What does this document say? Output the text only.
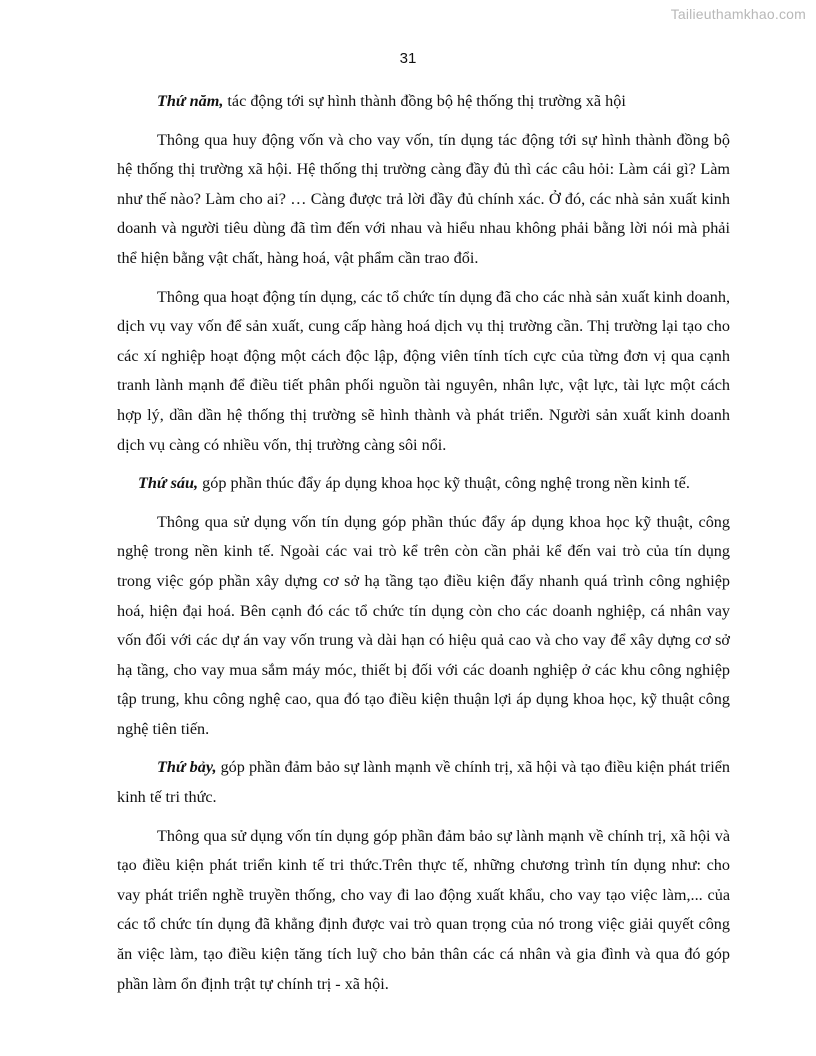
Tailieuthamkhao.com
31

Thứ năm, tác động tới sự hình thành đồng bộ hệ thống thị trường xã hội

Thông qua huy động vốn và cho vay vốn, tín dụng tác động tới sự hình thành đồng bộ hệ thống thị trường xã hội. Hệ thống thị trường càng đầy đủ thì các câu hỏi: Làm cái gì? Làm như thế nào? Làm cho ai? … Càng được trả lời đầy đủ chính xác. Ở đó, các nhà sản xuất kinh doanh và người tiêu dùng đã tìm đến với nhau và hiểu nhau không phải bằng lời nói mà phải thể hiện bằng vật chất, hàng hoá, vật phẩm cần trao đổi.

Thông qua hoạt động tín dụng, các tổ chức tín dụng đã cho các nhà sản xuất kinh doanh, dịch vụ vay vốn để sản xuất, cung cấp hàng hoá dịch vụ thị trường cần. Thị trường lại tạo cho các xí nghiệp hoạt động một cách độc lập, động viên tính tích cực của từng đơn vị qua cạnh tranh lành mạnh để điều tiết phân phối nguồn tài nguyên, nhân lực, vật lực, tài lực một cách hợp lý, dần dần hệ thống thị trường sẽ hình thành và phát triển. Người sản xuất kinh doanh dịch vụ càng có nhiều vốn, thị trường càng sôi nổi.

Thứ sáu, góp phần thúc đẩy áp dụng khoa học kỹ thuật, công nghệ trong nền kinh tế.

Thông qua sử dụng vốn tín dụng góp phần thúc đẩy áp dụng khoa học kỹ thuật, công nghệ trong nền kinh tế. Ngoài các vai trò kể trên còn cần phải kể đến vai trò của tín dụng trong việc góp phần xây dựng cơ sở hạ tầng tạo điều kiện đẩy nhanh quá trình công nghiệp hoá, hiện đại hoá. Bên cạnh đó các tổ chức tín dụng còn cho các doanh nghiệp, cá nhân vay vốn đối với các dự án vay vốn trung và dài hạn có hiệu quả cao và cho vay để xây dựng cơ sở hạ tầng, cho vay mua sắm máy móc, thiết bị đối với các doanh nghiệp ở các khu công nghiệp tập trung, khu công nghệ cao, qua đó tạo điều kiện thuận lợi áp dụng khoa học, kỹ thuật công nghệ tiên tiến.

Thứ bảy, góp phần đảm bảo sự lành mạnh về chính trị, xã hội và tạo điều kiện phát triển kinh tế tri thức.

Thông qua sử dụng vốn tín dụng góp phần đảm bảo sự lành mạnh về chính trị, xã hội và tạo điều kiện phát triển kinh tế tri thức.Trên thực tế, những chương trình tín dụng như: cho vay phát triển nghề truyền thống, cho vay đi lao động xuất khẩu, cho vay tạo việc làm,... của các tổ chức tín dụng đã khẳng định được vai trò quan trọng của nó trong việc giải quyết công ăn việc làm, tạo điều kiện tăng tích luỹ cho bản thân các cá nhân và gia đình và qua đó góp phần làm ổn định trật tự chính trị - xã hội.
